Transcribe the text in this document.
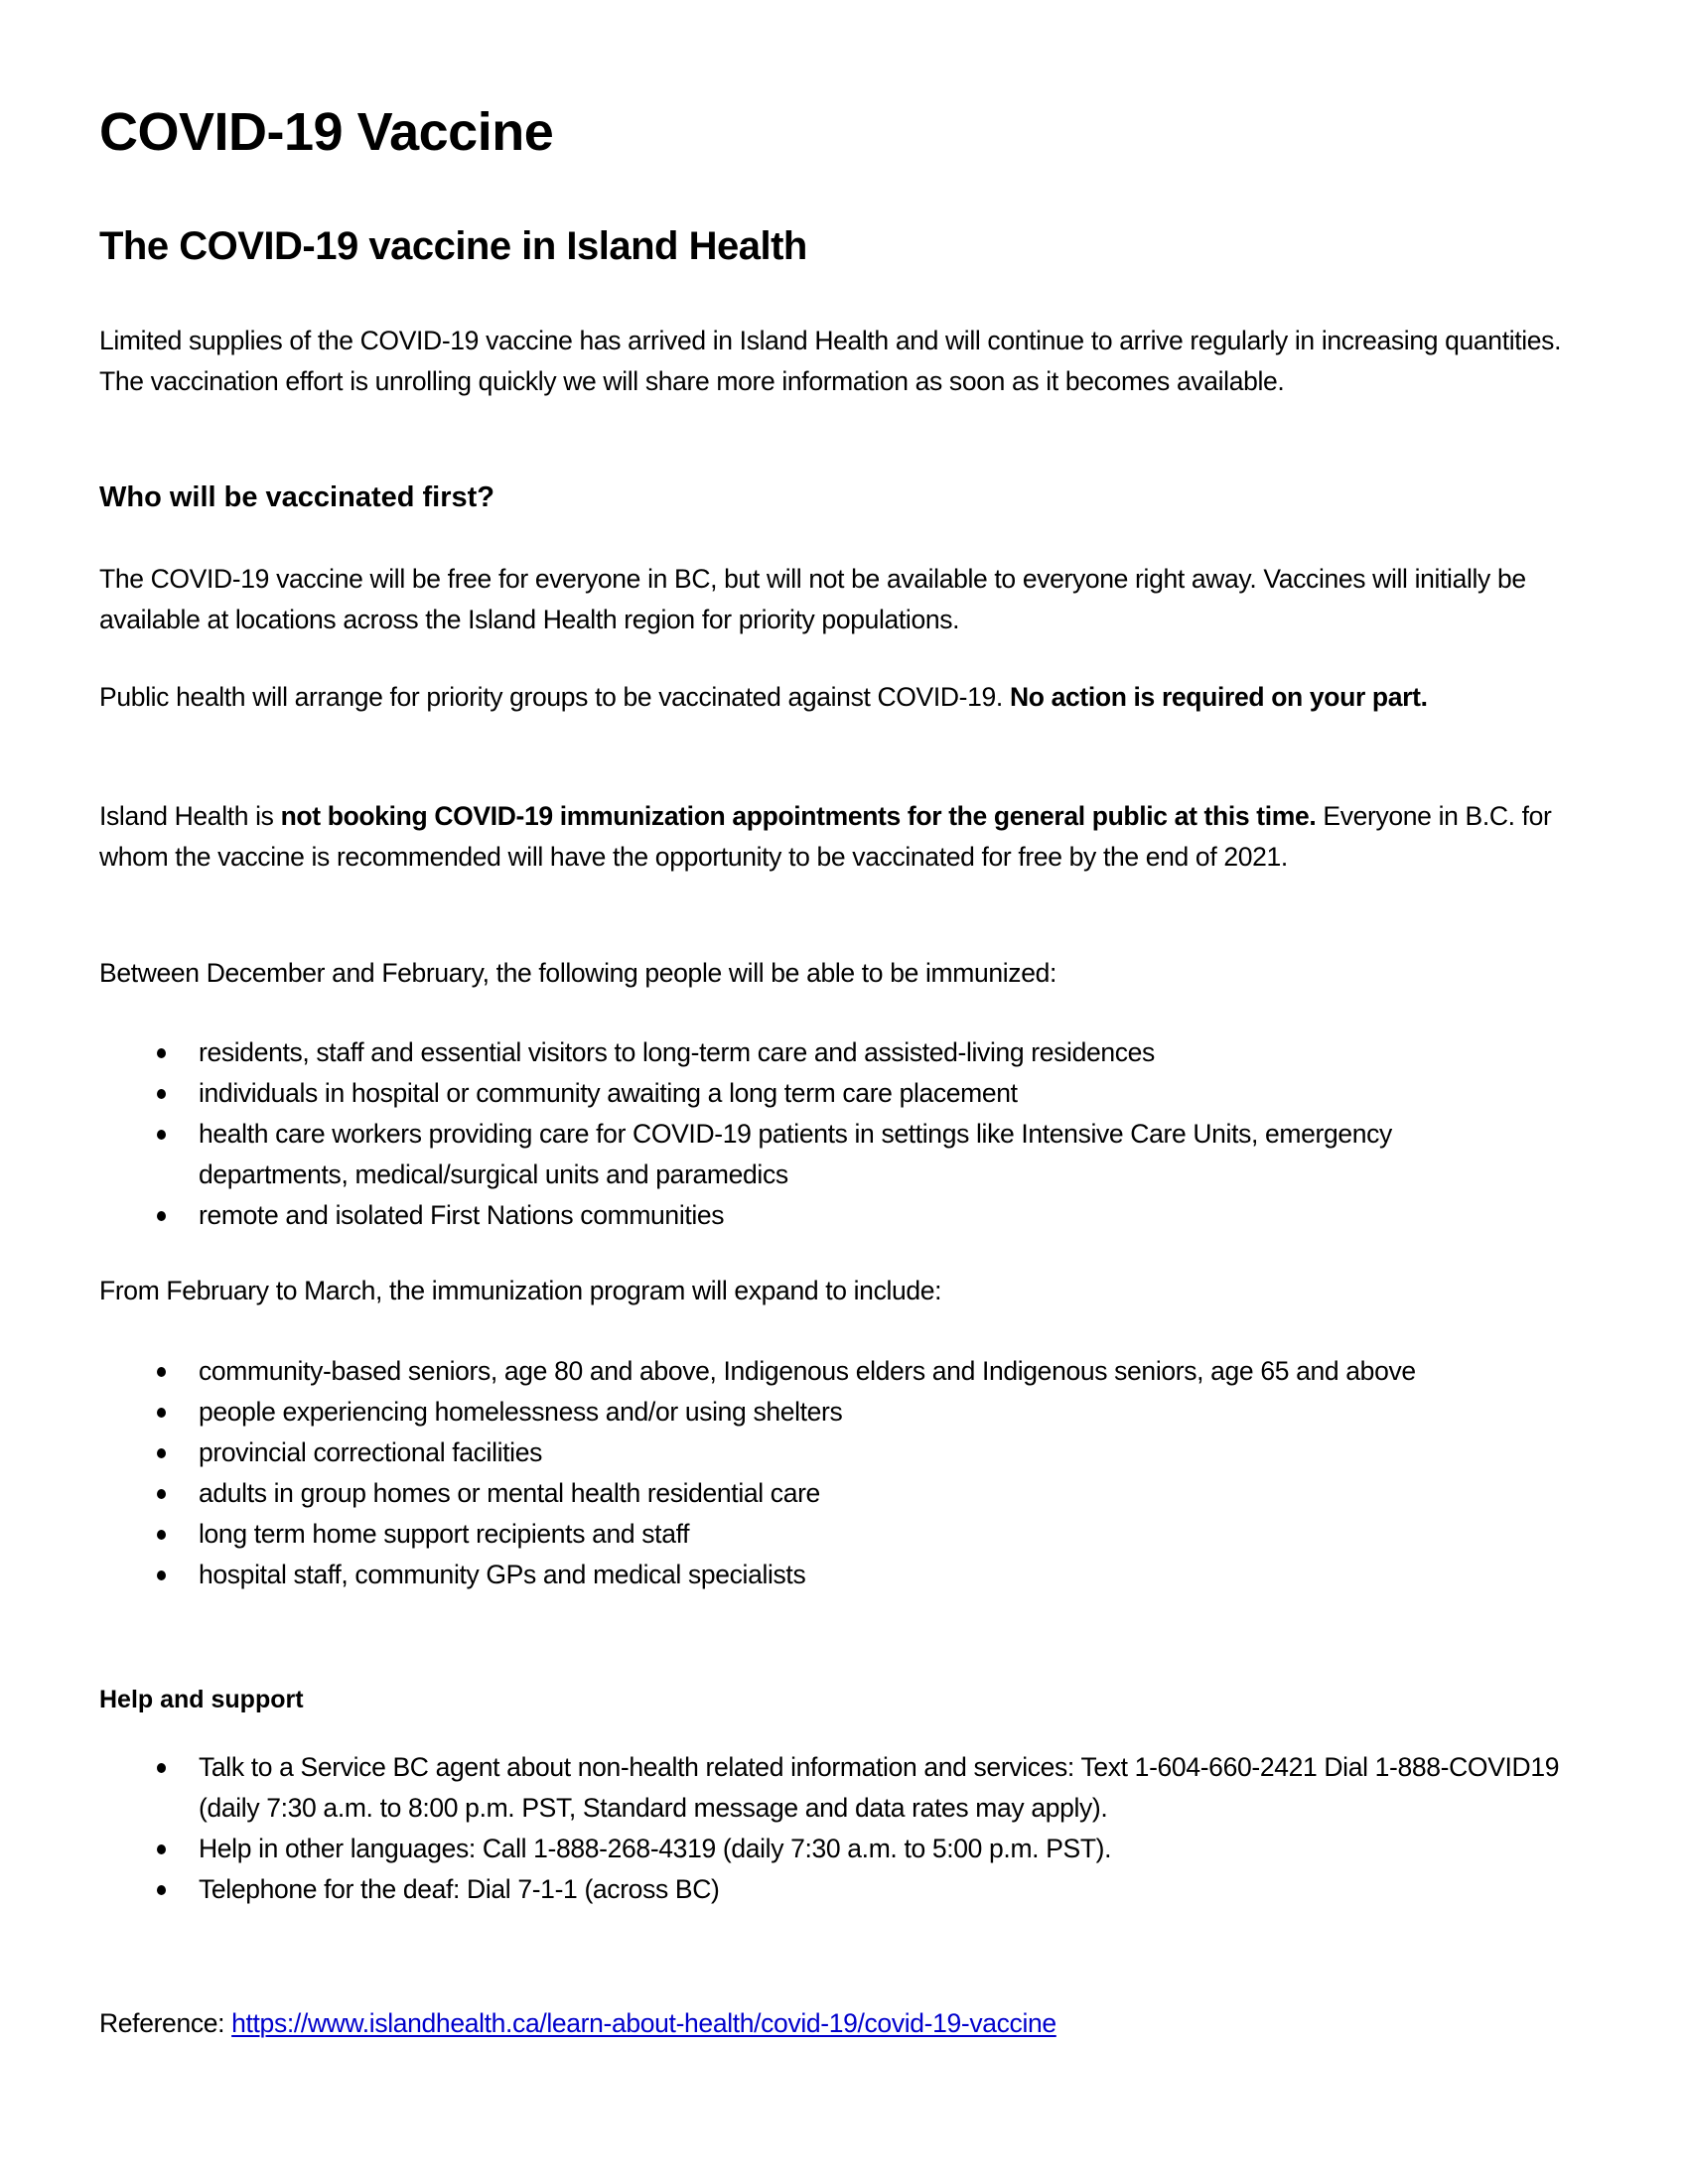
COVID-19 Vaccine
The COVID-19 vaccine in Island Health

Limited supplies of the COVID-19 vaccine has arrived in Island Health and will continue to arrive regularly in increasing quantities. The vaccination effort is unrolling quickly we will share more information as soon as it becomes available.

Who will be vaccinated first?

The COVID-19 vaccine will be free for everyone in BC, but will not be available to everyone right away. Vaccines will initially be available at locations across the Island Health region for priority populations.

Public health will arrange for priority groups to be vaccinated against COVID-19. No action is required on your part.

Island Health is not booking COVID-19 immunization appointments for the general public at this time. Everyone in B.C. for whom the vaccine is recommended will have the opportunity to be vaccinated for free by the end of 2021.

Between December and February, the following people will be able to be immunized:

residents, staff and essential visitors to long-term care and assisted-living residences
individuals in hospital or community awaiting a long term care placement
health care workers providing care for COVID-19 patients in settings like Intensive Care Units, emergency departments, medical/surgical units and paramedics
remote and isolated First Nations communities

From February to March, the immunization program will expand to include:

community-based seniors, age 80 and above, Indigenous elders and Indigenous seniors, age 65 and above
people experiencing homelessness and/or using shelters
provincial correctional facilities
adults in group homes or mental health residential care
long term home support recipients and staff
hospital staff, community GPs and medical specialists
Help and support
Talk to a Service BC agent about non-health related information and services: Text 1-604-660-2421 Dial 1-888-COVID19 (daily 7:30 a.m. to 8:00 p.m. PST, Standard message and data rates may apply).
Help in other languages: Call 1-888-268-4319 (daily 7:30 a.m. to 5:00 p.m. PST).
Telephone for the deaf: Dial 7-1-1 (across BC)
Reference: https://www.islandhealth.ca/learn-about-health/covid-19/covid-19-vaccine
